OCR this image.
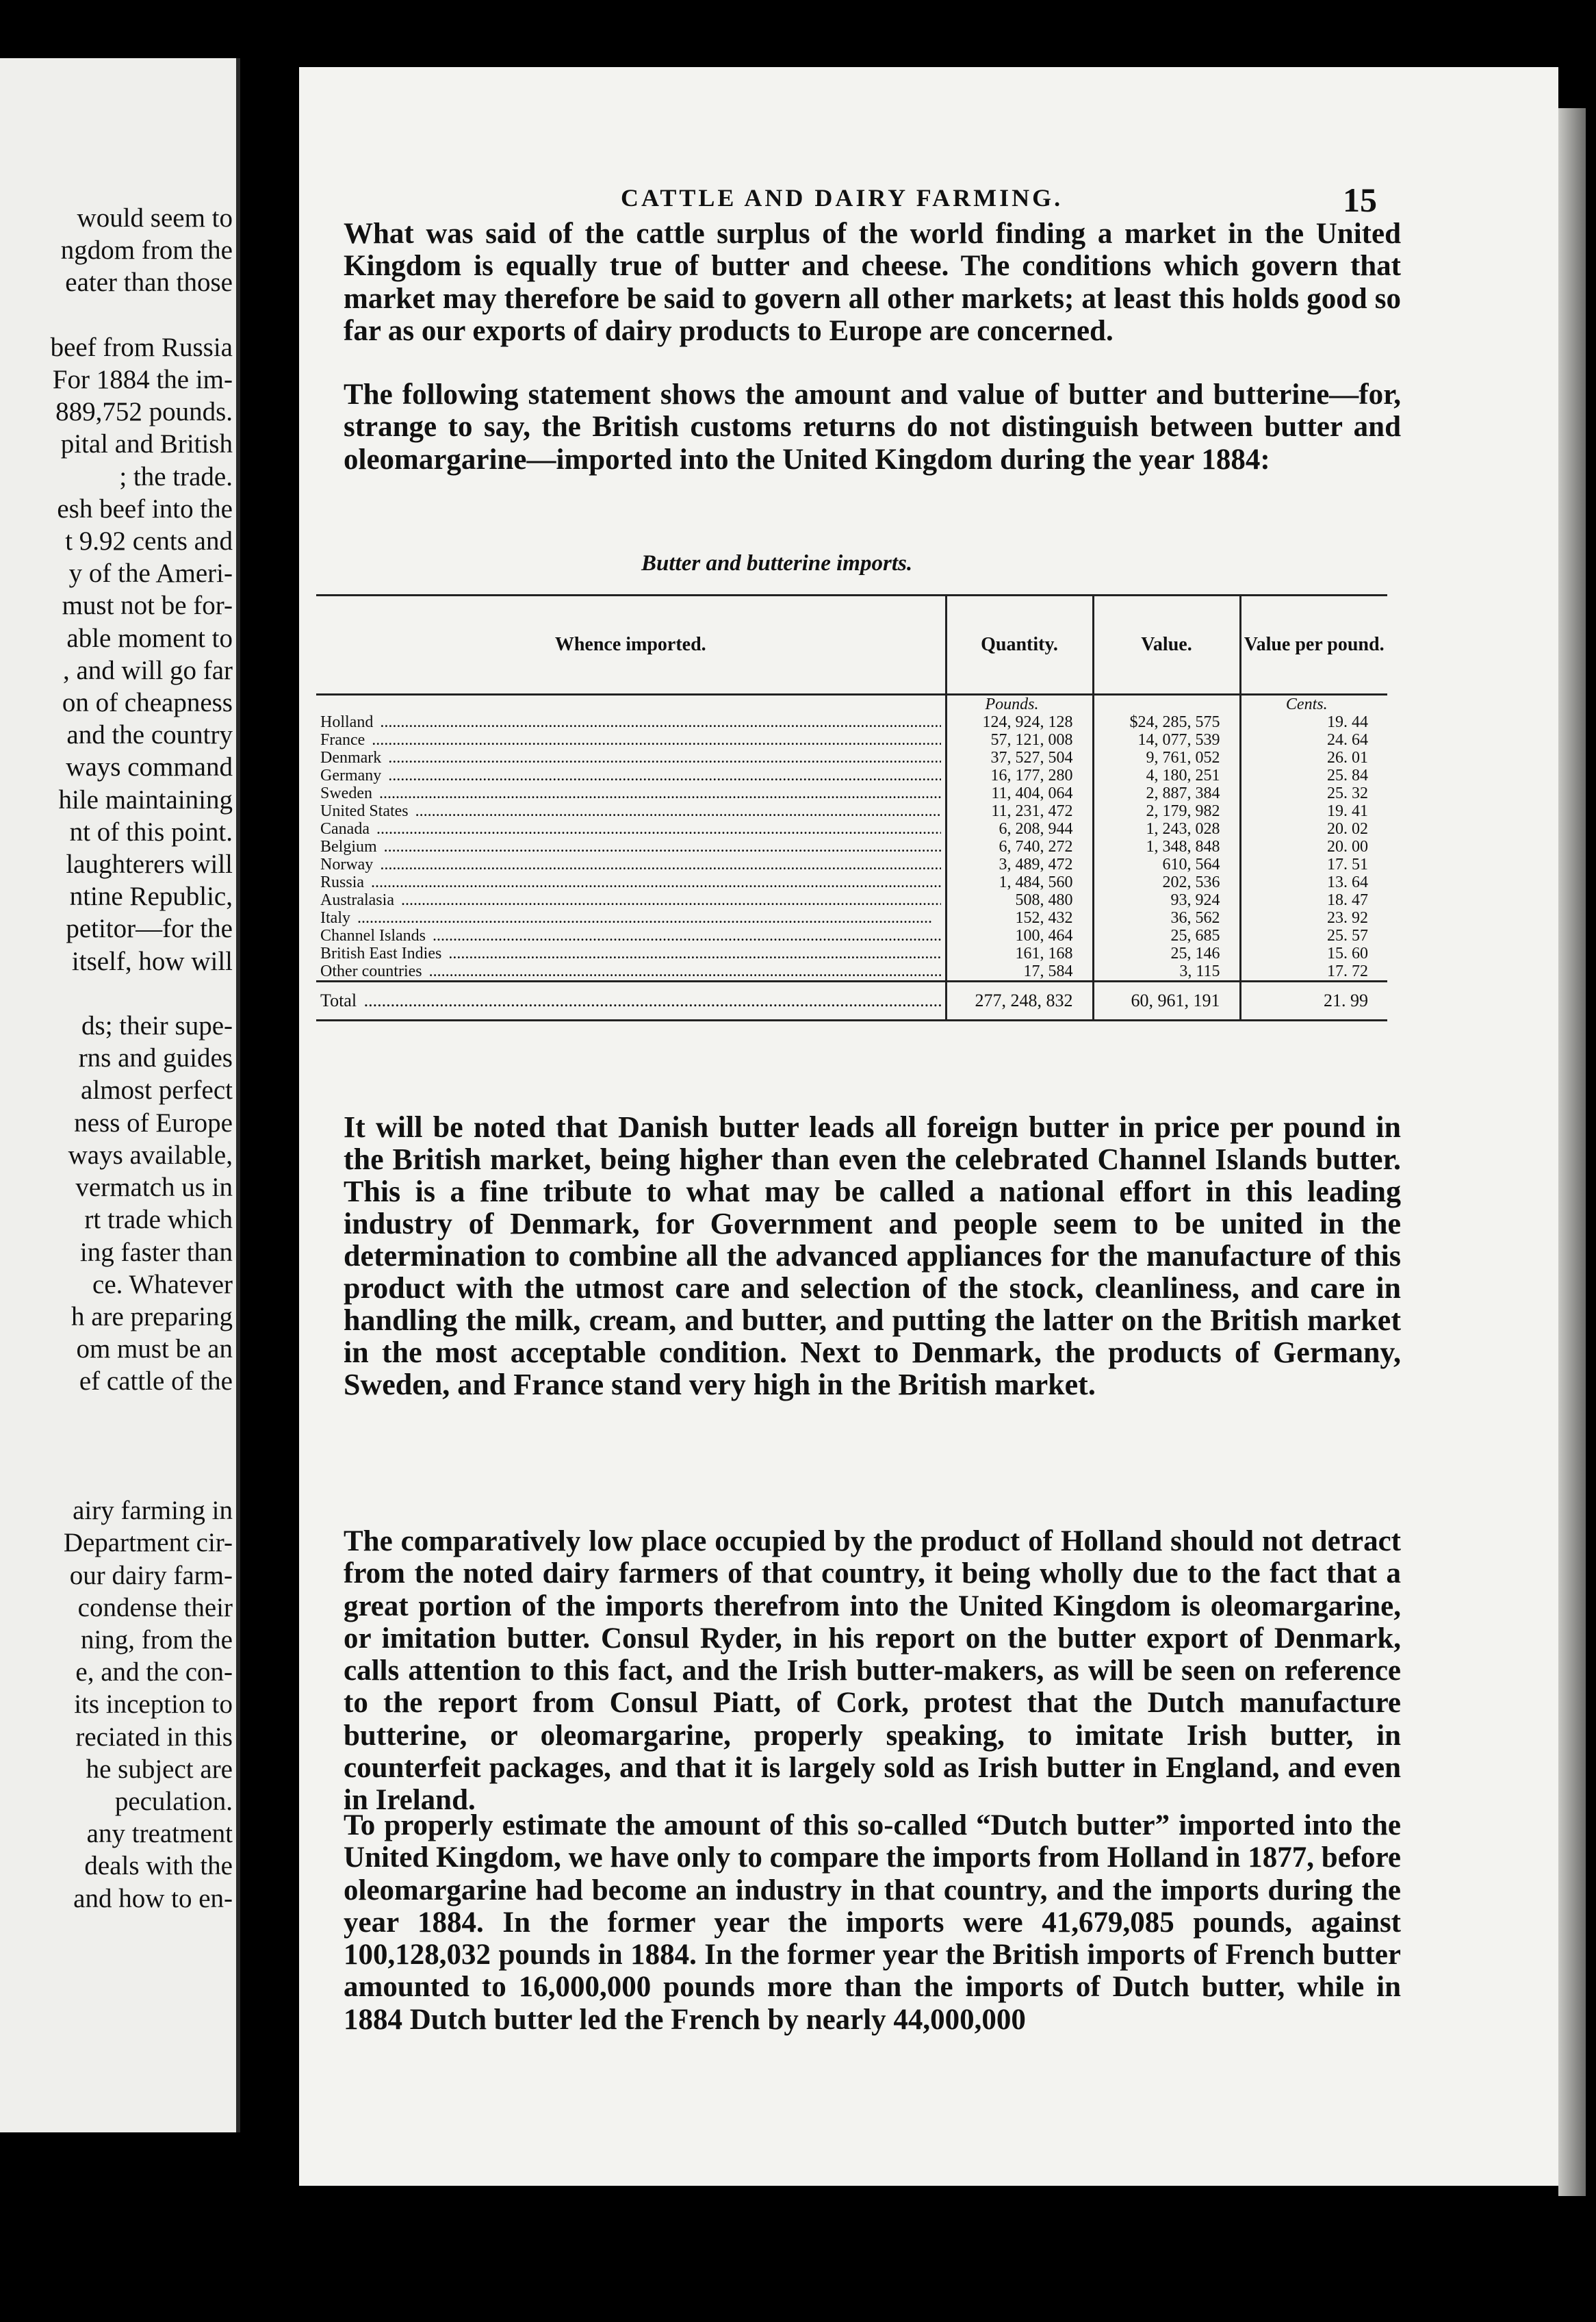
would seem to
ngdom from the
eater than those

beef from Russia
For 1884 the im-
889,752 pounds.
pital and British
; the trade.
esh beef into the
t 9.92 cents and
y of the Ameri-
must not be for-
able moment to
, and will go far
on of cheapness
and the country
ways command
hile maintaining
nt of this point.
laughterers will
ntine Republic,
petitor—for the
itself, how will

ds; their supe-
rns and guides
almost perfect
ness of Europe
ways available,
vermatch us in
rt trade which
ing faster than
ce. Whatever
h are preparing
om must be an
ef cattle of the

airy farming in
Department cir-
our dairy farm-
condense their
ning, from the
e, and the con-
its inception to
reciated in this
he subject are
peculation.
any treatment
deals with the
and how to en-
CATTLE AND DAIRY FARMING.	15

What was said of the cattle surplus of the world finding a market in the United Kingdom is equally true of butter and cheese. The conditions which govern that market may therefore be said to govern all other markets; at least this holds good so far as our exports of dairy products to Europe are concerned.

The following statement shows the amount and value of butter and butterine—for, strange to say, the British customs returns do not distinguish between butter and oleomargarine—imported into the United Kingdom during the year 1884:

Butter and butterine imports.
Whence imported.	Quantity.	Value.	Value per pound.
	Pounds.		Cents.

Holland .....	124, 924, 128	$24, 285, 575	19. 44

France .....	57, 121, 008	14, 077, 539	24. 64

Denmark .....	37, 527, 504	9, 761, 052	26. 01

Germany .....	16, 177, 280	4, 180, 251	25. 84

Sweden .....	11, 404, 064	2, 887, 384	25. 32

United States .....	11, 231, 472	2, 179, 982	19. 41

Canada .....	6, 208, 944	1, 243, 028	20. 02

Belgium .....	6, 740, 272	1, 348, 848	20. 00

Norway .....	3, 489, 472	610, 564	17. 51

Russia .....	1, 484, 560	202, 536	13. 64

Australasia .....	508, 480	93, 924	18. 47

Italy .....	152, 432	36, 562	23. 92

Channel Islands .....	100, 464	25, 685	25. 57

British East Indies .....	161, 168	25, 146	15. 60

Other countries .....	17, 584	3, 115	17. 72

Total .....	277, 248, 832	60, 961, 191	21. 99

It will be noted that Danish butter leads all foreign butter in price per pound in the British market, being higher than even the celebrated Channel Islands butter. This is a fine tribute to what may be called a national effort in this leading industry of Denmark, for Government and people seem to be united in the determination to combine all the advanced appliances for the manufacture of this product with the utmost care and selection of the stock, cleanliness, and care in handling the milk, cream, and butter, and putting the latter on the British market in the most acceptable condition. Next to Denmark, the products of Germany, Sweden, and France stand very high in the British market.

The comparatively low place occupied by the product of Holland should not detract from the noted dairy farmers of that country, it being wholly due to the fact that a great portion of the imports therefrom into the United Kingdom is oleomargarine, or imitation butter. Consul Ryder, in his report on the butter export of Denmark, calls attention to this fact, and the Irish butter-makers, as will be seen on reference to the report from Consul Piatt, of Cork, protest that the Dutch manufacture butterine, or oleomargarine, properly speaking, to imitate Irish butter, in counterfeit packages, and that it is largely sold as Irish butter in England, and even in Ireland.

To properly estimate the amount of this so-called “Dutch butter” imported into the United Kingdom, we have only to compare the imports from Holland in 1877, before oleomargarine had become an industry in that country, and the imports during the year 1884. In the former year the imports were 41,679,085 pounds, against 100,128,032 pounds in 1884. In the former year the British imports of French butter amounted to 16,000,000 pounds more than the imports of Dutch butter, while in 1884 Dutch butter led the French by nearly 44,000,000
